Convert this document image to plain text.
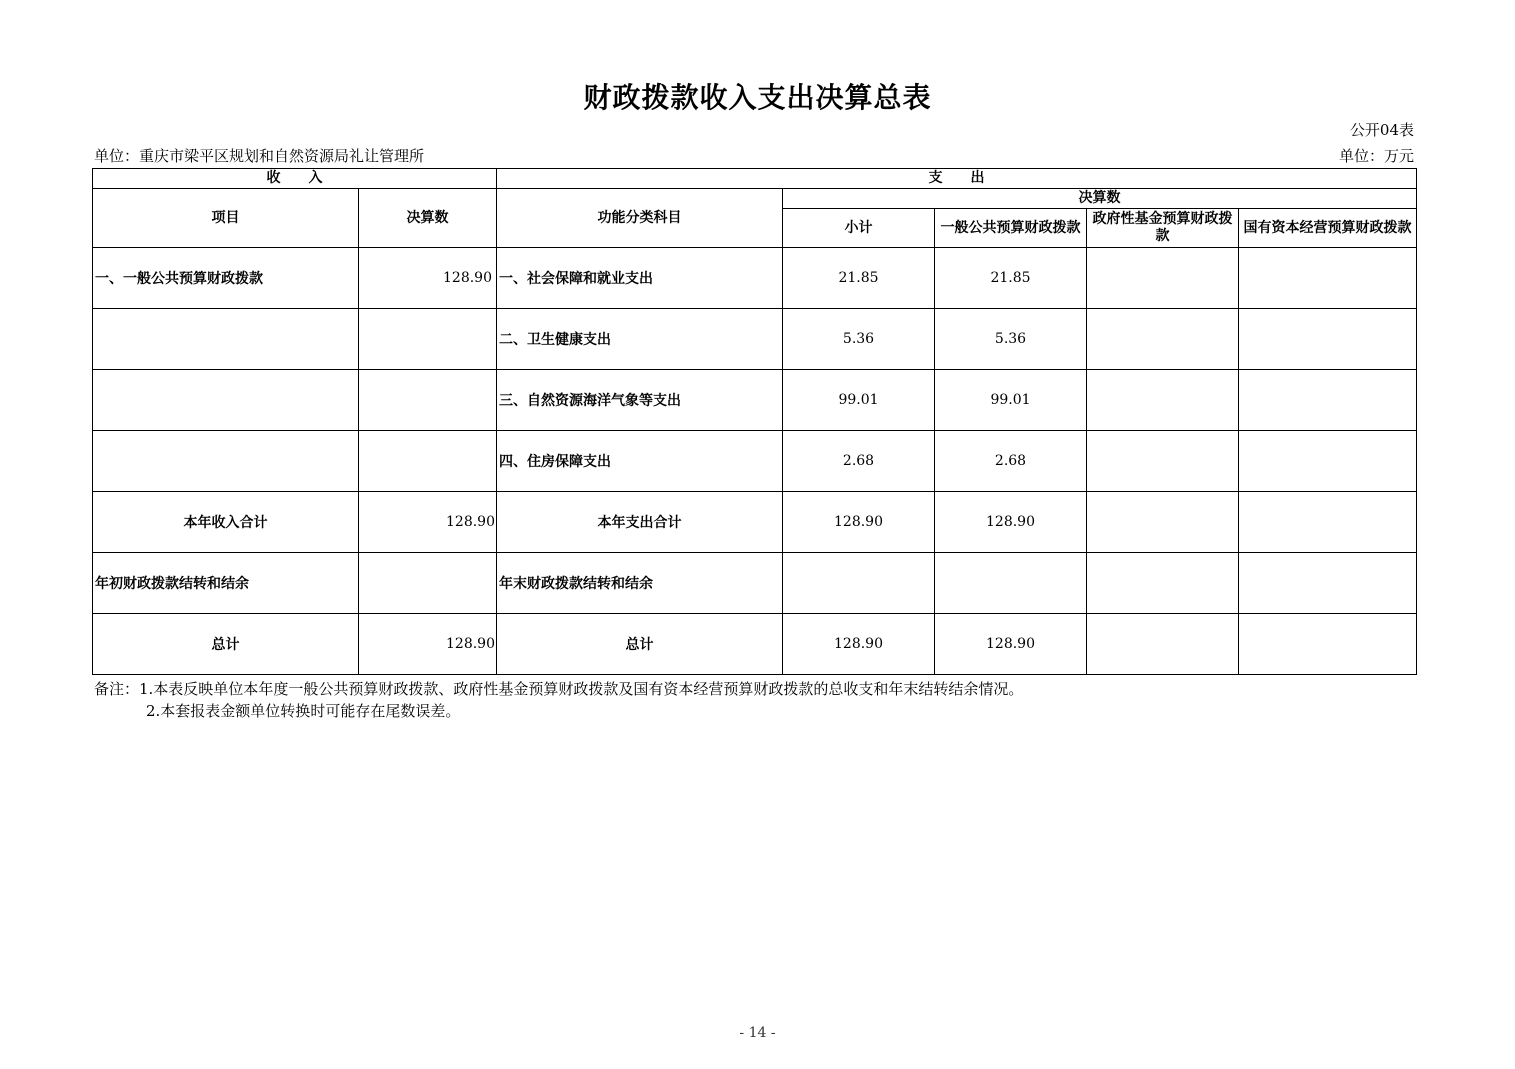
财政拨款收入支出决算总表
公开04表
单位：重庆市梁平区规划和自然资源局礼让管理所	单位：万元
收　　入		支　　出				
项目	决算数	功能分类科目	决算数			
			小计	一般公共预算财政拨款	政府性基金预算财政拨款	国有资本经营预算财政拨款
一、一般公共预算财政拨款	128.90	一、社会保障和就业支出	21.85	21.85		
		二、卫生健康支出	5.36	5.36		
		三、自然资源海洋气象等支出	99.01	99.01		
		四、住房保障支出	2.68	2.68		
本年收入合计	128.90	本年支出合计	128.90	128.90		
年初财政拨款结转和结余		年末财政拨款结转和结余				
总计	128.90	总计	128.90	128.90		
备注：1.本表反映单位本年度一般公共预算财政拨款、政府性基金预算财政拨款及国有资本经营预算财政拨款的总收支和年末结转结余情况。
2.本套报表金额单位转换时可能存在尾数误差。
- 14 -
